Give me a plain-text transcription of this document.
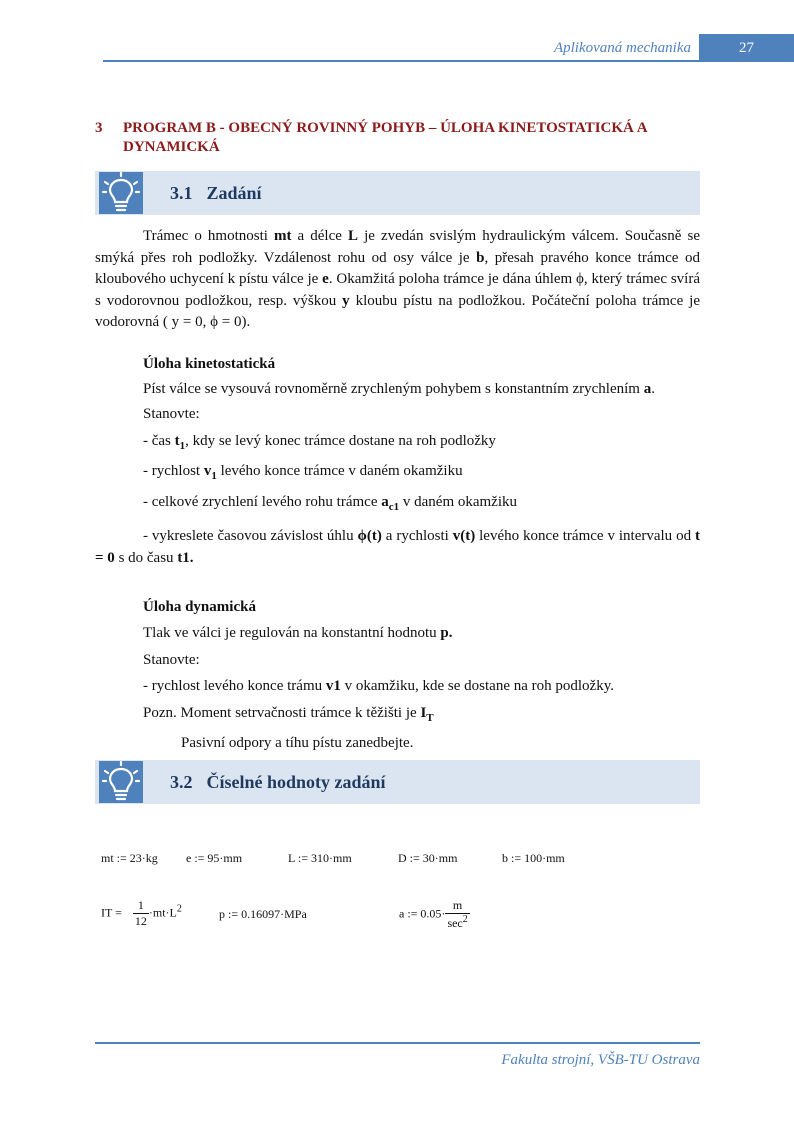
Aplikovaná mechanika	27
3	PROGRAM B - OBECNÝ ROVINNÝ POHYB – ÚLOHA KINETOSTATICKÁ A DYNAMICKÁ
3.1 Zadání
Trámec o hmotnosti mt a délce L je zvedán svislým hydraulickým válcem. Současně se smýká přes roh podložky. Vzdálenost rohu od osy válce je b, přesah pravého konce trámce od kloubového uchycení k pístu válce je e. Okamžitá poloha trámce je dána úhlem ϕ, který trámec svírá s vodorovnou podložkou, resp. výškou y kloubu pístu na podložkou. Počáteční poloha trámce je vodorovná ( y = 0, ϕ = 0).
Úloha kinetostatická
Píst válce se vysouvá rovnoměrně zrychleným pohybem s konstantním zrychlením a.
Stanovte:
- čas $t_1$, kdy se levý konec trámce dostane na roh podložky
- rychlost $v_1$ levého konce trámce v daném okamžiku
- celkové zrychlení levého rohu trámce $a_{c1}$ v daném okamžiku
- vykreslete časovou závislost úhlu ϕ(t) a rychlosti v(t) levého konce trámce v intervalu od t = 0 s do času t1.
Úloha dynamická
Tlak ve válci je regulován na konstantní hodnotu p.
Stanovte:
- rychlost levého konce trámu v1 v okamžiku, kde se dostane na roh podložky.
Pozn. Moment setrvačnosti trámce k těžišti je $I_T$
Pasivní odpory a tíhu pístu zanedbejte.
3.2 Číselné hodnoty zadání
mt := 23·kg e := 95·mm	L := 310·mm	D := 30·mm	b := 100·mm
IT = $\frac{1}{12} \cdot mt\cdot L^2$	p := 0.16097·MPa	a := $0.05\cdot \frac{m}{\sec^2}$
Fakulta strojní, VŠB-TU Ostrava
